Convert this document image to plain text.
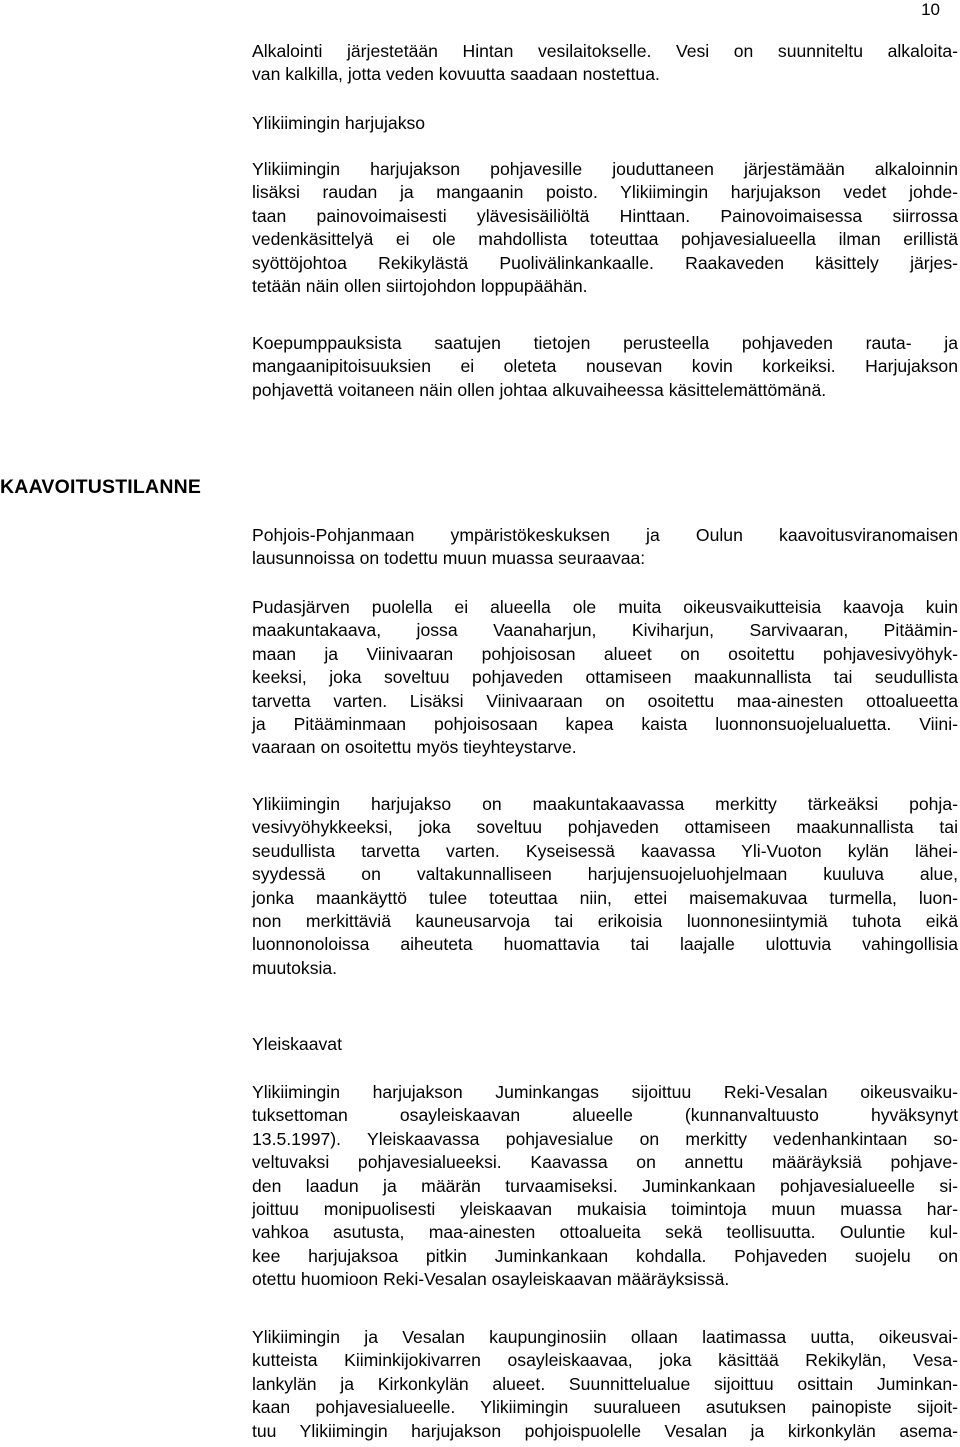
10
Alkalointi järjestetään Hintan vesilaitokselle. Vesi on suunniteltu alkaloita-
van kalkilla, jotta veden kovuutta saadaan nostettua.
Ylikiimingin harjujakso
Ylikiimingin harjujakson pohjavesille jouduttaneen järjestämään alkaloinnin
lisäksi raudan ja mangaanin poisto. Ylikiimingin harjujakson vedet johde-
taan painovoimaisesti ylävesisäiliöltä Hinttaan. Painovoimaisessa siirrossa
vedenkäsittelyä ei ole mahdollista toteuttaa pohjavesialueella ilman erillistä
syöttöjohtoa Rekikylästä Puolivälinkankaalle. Raakaveden käsittely järjes-
tetään näin ollen siirtojohdon loppupäähän.
Koepumppauksista saatujen tietojen perusteella pohjaveden rauta- ja
mangaanipitoisuuksien ei oleteta nousevan kovin korkeiksi. Harjujakson
pohjavettä voitaneen näin ollen johtaa alkuvaiheessa käsittelemättömänä.
KAAVOITUSTILANNE
Pohjois-Pohjanmaan ympäristökeskuksen ja Oulun kaavoitusviranomaisen
lausunnoissa on todettu muun muassa seuraavaa:
Pudasjärven puolella ei alueella ole muita oikeusvaikutteisia kaavoja kuin
maakuntakaava, jossa Vaanaharjun, Kiviharjun, Sarvivaaran, Pitäämin-
maan ja Viinivaaran pohjoisosan alueet on osoitettu pohjavesivyöhyk-
keeksi, joka soveltuu pohjaveden ottamiseen maakunnallista tai seudullista
tarvetta varten. Lisäksi Viinivaaraan on osoitettu maa-ainesten ottoalueetta
ja Pitääminmaan pohjoisosaan kapea kaista luonnonsuojelualuetta. Viini-
vaaraan on osoitettu myös tieyhteystarve.
Ylikiimingin harjujakso on maakuntakaavassa merkitty tärkeäksi pohja-
vesivyöhykkeeksi, joka soveltuu pohjaveden ottamiseen maakunnallista tai
seudullista tarvetta varten. Kyseisessä kaavassa Yli-Vuoton kylän lähei-
syydessä on valtakunnalliseen harjujensuojeluohjelmaan kuuluva alue,
jonka maankäyttö tulee toteuttaa niin, ettei maisemakuvaa turmella, luon-
non merkittäviä kauneusarvoja tai erikoisia luonnonesiintymiä tuhota eikä
luonnonoloissa aiheuteta huomattavia tai laajalle ulottuvia vahingollisia
muutoksia.
Yleiskaavat
Ylikiimingin harjujakson Juminkangas sijoittuu Reki-Vesalan oikeusvaiku-
tuksettoman osayleiskaavan alueelle (kunnanvaltuusto hyväksynyt
13.5.1997). Yleiskaavassa pohjavesialue on merkitty vedenhankintaan so-
veltuvaksi pohjavesialueeksi. Kaavassa on annettu määräyksiä pohjave-
den laadun ja määrän turvaamiseksi. Juminkankaan pohjavesialueelle si-
joittuu monipuolisesti yleiskaavan mukaisia toimintoja muun muassa har-
vahkoa asutusta, maa-ainesten ottoalueita sekä teollisuutta. Ouluntie kul-
kee harjujaksoa pitkin Juminkankaan kohdalla. Pohjaveden suojelu on
otettu huomioon Reki-Vesalan osayleiskaavan määräyksissä.
Ylikiimingin ja Vesalan kaupunginosiin ollaan laatimassa uutta, oikeusvai-
kutteista Kiiminkijokivarren osayleiskaavaa, joka käsittää Rekikylän, Vesa-
lankylän ja Kirkonkylän alueet. Suunnittelualue sijoittuu osittain Juminkan-
kaan pohjavesialueelle. Ylikiimingin suuralueen asutuksen painopiste sijoit-
tuu Ylikiimingin harjujakson pohjoispuolelle Vesalan ja kirkonkylän asema-
